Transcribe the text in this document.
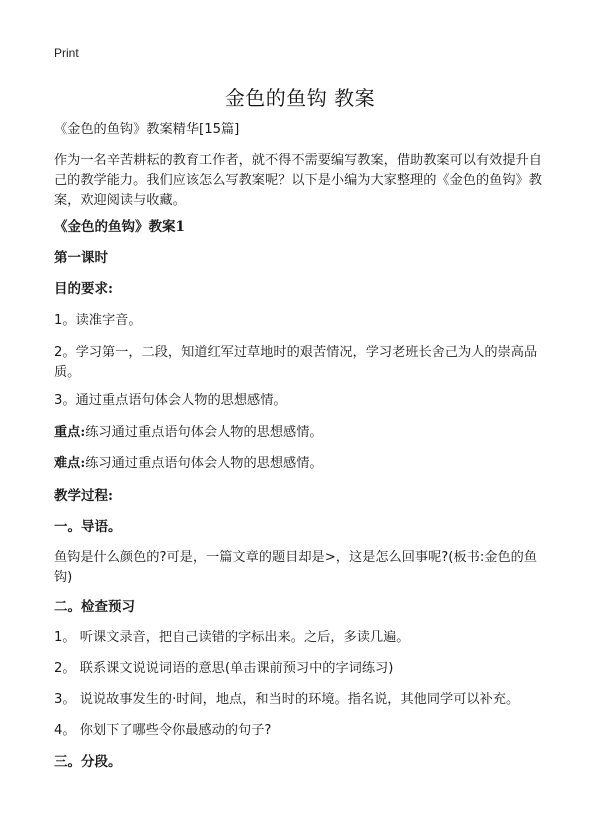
Print
金色的鱼钩 教案
《金色的鱼钩》教案精华[15篇]
作为一名辛苦耕耘的教育工作者，就不得不需要编写教案，借助教案可以有效提升自己的教学能力。我们应该怎么写教案呢？以下是小编为大家整理的《金色的鱼钩》教案，欢迎阅读与收藏。
《金色的鱼钩》教案1
第一课时
目的要求:
1。读准字音。
2。学习第一，二段，知道红军过草地时的艰苦情况，学习老班长舍己为人的崇高品质。
3。通过重点语句体会人物的思想感情。
重点:练习通过重点语句体会人物的思想感情。
难点:练习通过重点语句体会人物的思想感情。
教学过程:
一。导语。
鱼钩是什么颜色的?可是，一篇文章的题目却是>，这是怎么回事呢?(板书:金色的鱼钩)
二。检查预习
1。 听课文录音，把自己读错的字标出来。之后，多读几遍。
2。 联系课文说说词语的意思(单击课前预习中的字词练习)
3。 说说故事发生的·时间，地点，和当时的环境。指名说，其他同学可以补充。
4。 你划下了哪些令你最感动的句子?
三。分段。
